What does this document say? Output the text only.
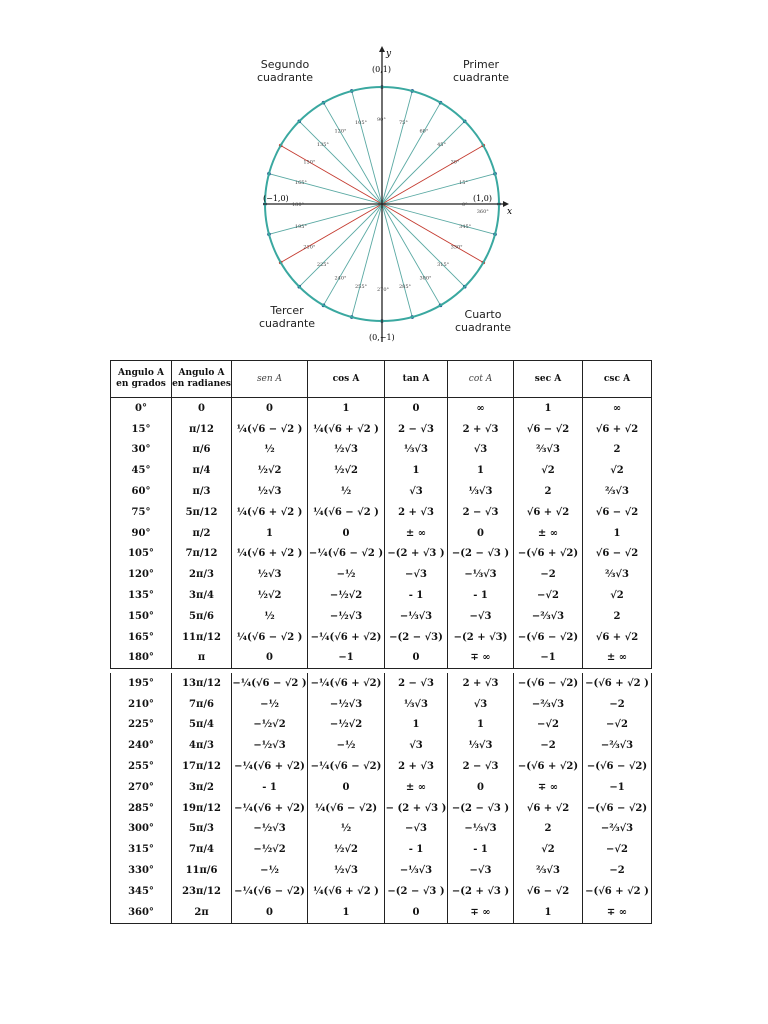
x
y
(0,1)
(0,−1)
(−1,0)	(1,0)
0°
15°
30°
45°
60°
75°
90°
105°
120°
135°
150°
165°
180°
195°
210°
225°
240°
255° 270° 285°
300°
315°
330°
345°
360°
Segundo
cuadrante
Primer
cuadrante
Tercer
cuadrante
Cuarto
cuadrante
Angulo A en grados	Angulo A en radianes	sen A	cos A	tan A	cot A	sec A	csc A
0°	0	0	1	0	∞	1	∞
15°	π/12	¼(√6 − √2 )	¼(√6 + √2 )	2 − √3	2 + √3	√6 − √2	√6 + √2
30°	π/6	½	½√3	⅓√3	√3	⅔√3	2
45°	π/4	½√2	½√2	1	1	√2	√2
60°	π/3	½√3	½	√3	⅓√3	2	⅔√3
75°	5π/12	¼(√6 + √2 )	¼(√6 − √2 )	2 + √3	2 − √3	√6 + √2	√6 − √2
90°	π/2	1	0	± ∞	0	± ∞	1
105°	7π/12	¼(√6 + √2 )	−¼(√6 − √2 )	−(2 + √3 )	−(2 − √3 )	−(√6 + √2)	√6 − √2
120°	2π/3	½√3	−½	−√3	−⅓√3	−2	⅔√3
135°	3π/4	½√2	−½√2	- 1	- 1	−√2	√2
150°	5π/6	½	−½√3	−⅓√3	−√3	−⅔√3	2
165°	11π/12	¼(√6 − √2 )	−¼(√6 + √2)	−(2 − √3)	−(2 + √3)	−(√6 − √2)	√6 + √2
180°	π	0	−1	0	∓ ∞	−1	± ∞
195°	13π/12	−¼(√6 − √2 )	−¼(√6 + √2)	2 − √3	2 + √3	−(√6 − √2)	−(√6 + √2 )
210°	7π/6	−½	−½√3	⅓√3	√3	−⅔√3	−2
225°	5π/4	−½√2	−½√2	1	1	−√2	−√2
240°	4π/3	−½√3	−½	√3	⅓√3	−2	−⅔√3
255°	17π/12	−¼(√6 + √2)	−¼(√6 − √2)	2 + √3	2 − √3	−(√6 + √2)	−(√6 − √2)
270°	3π/2	- 1	0	± ∞	0	∓ ∞	−1
285°	19π/12	−¼(√6 + √2)	¼(√6 − √2)	− (2 + √3 )	−(2 − √3 )	√6 + √2	−(√6 − √2)
300°	5π/3	−½√3	½	−√3	−⅓√3	2	−⅔√3
315°	7π/4	−½√2	½√2	- 1	- 1	√2	−√2
330°	11π/6	−½	½√3	−⅓√3	−√3	⅔√3	−2
345°	23π/12	−¼(√6 − √2)	¼(√6 + √2 )	−(2 − √3 )	−(2 + √3 )	√6 − √2	−(√6 + √2 )
360°	2π	0	1	0	∓ ∞	1	∓ ∞
